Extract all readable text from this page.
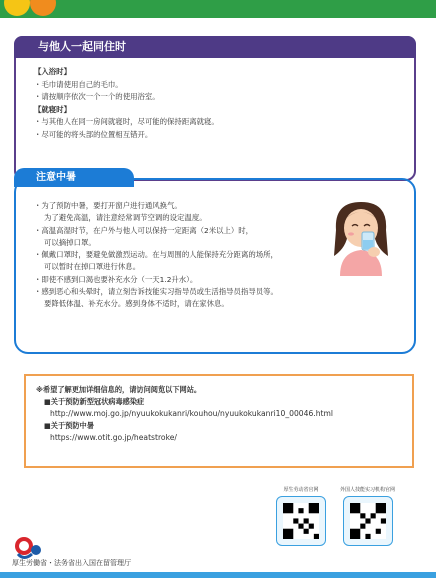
与他人一起同住时
【入浴时】
・毛巾请使用自己的毛巾。
・请按顺序依次一个一个的使用浴室。
【就寝时】
・与其他人在同一房间就寝时，尽可能的保持距离就寝。
・尽可能的将头部的位置相互错开。
注意中暑
・为了预防中暑，要打开窗户进行通风换气。
为了避免高温，请注意经常调节空调的设定温度。
・高温高湿时节，在户外与他人可以保持一定距离（2米以上）时，
可以摘掉口罩。
・佩戴口罩时，要避免做激烈运动。在与周围的人能保持充分距离的场所，
可以暂时在掉口罩进行休息。
・即使不感到口渴也要补充水分（一天1.2升水）。
・感到恶心和头晕时，请立刻告诉技能实习指导员或生活指导员指导员等。
要降低体温、补充水分。感到身体不适时，请在家休息。
※希望了解更加详细信息的，请访问阅览以下网站。
■关于预防新型冠状病毒感染症
http://www.moj.go.jp/nyuukokukanri/kouhou/nyuukokukanri10_00046.html
■关于预防中暑
https://www.otit.go.jp/heatstroke/
厚生劳动省官网	外国人技能实习机构官网
厚生労働省・法务省出入国在留管理厅
